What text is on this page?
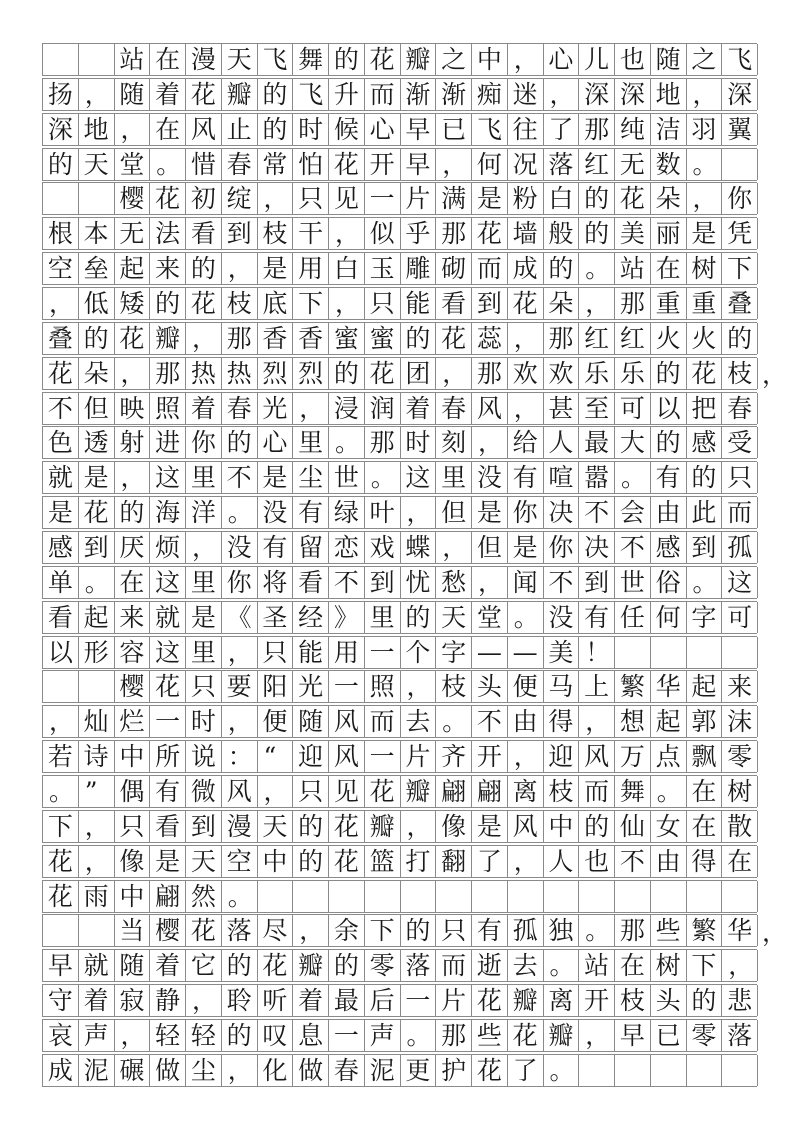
站 在 漫 天 飞 舞 的 花 瓣 之 中 ， 心 儿 也 随 之 飞
扬 ， 随 着 花 瓣 的 飞 升 而 渐 渐 痴 迷 ， 深 深 地 ， 深
深 地 ， 在 风 止 的 时 候 心 早 已 飞 往 了 那 纯 洁 羽 翼
的 天 堂 。 惜 春 常 怕 花 开 早 ， 何 况 落 红 无 数 。
樱 花 初 绽 ， 只 见 一 片 满 是 粉 白 的 花 朵 ， 你
根 本 无 法 看 到 枝 干 ， 似 乎 那 花 墙 般 的 美 丽 是 凭
空 垒 起 来 的 ， 是 用 白 玉 雕 砌 而 成 的 。 站 在 树 下
， 低 矮 的 花 枝 底 下 ， 只 能 看 到 花 朵 ， 那 重 重 叠
叠 的 花 瓣 ， 那 香 香 蜜 蜜 的 花 蕊 ， 那 红 红 火 火 的
花 朵 ， 那 热 热 烈 烈 的 花 团 ， 那 欢 欢 乐 乐 的 花 枝 ，
不 但 映 照 着 春 光 ， 浸 润 着 春 风 ， 甚 至 可 以 把 春
色 透 射 进 你 的 心 里 。 那 时 刻 ， 给 人 最 大 的 感 受
就 是 ， 这 里 不 是 尘 世 。 这 里 没 有 喧 嚣 。 有 的 只
是 花 的 海 洋 。 没 有 绿 叶 ， 但 是 你 决 不 会 由 此 而
感 到 厌 烦 ， 没 有 留 恋 戏 蝶 ， 但 是 你 决 不 感 到 孤
单 。 在 这 里 你 将 看 不 到 忧 愁 ， 闻 不 到 世 俗 。 这
看 起 来 就 是 《 圣 经 》 里 的 天 堂 。 没 有 任 何 字 可
以 形 容 这 里 ， 只 能 用 一 个 字 — — 美 ！
樱 花 只 要 阳 光 一 照 ， 枝 头 便 马 上 繁 华 起 来
， 灿 烂 一 时 ， 便 随 风 而 去 。 不 由 得 ， 想 起 郭 沫
若 诗 中 所 说 ： “ 迎 风 一 片 齐 开 ， 迎 风 万 点 飘 零
。 ” 偶 有 微 风 ， 只 见 花 瓣 翩 翩 离 枝 而 舞 。 在 树
下 ， 只 看 到 漫 天 的 花 瓣 ， 像 是 风 中 的 仙 女 在 散
花 ， 像 是 天 空 中 的 花 篮 打 翻 了 ， 人 也 不 由 得 在
花 雨 中 翩 然 。
当 樱 花 落 尽 ， 余 下 的 只 有 孤 独 。 那 些 繁 华 ，
早 就 随 着 它 的 花 瓣 的 零 落 而 逝 去 。 站 在 树 下 ，
守 着 寂 静 ， 聆 听 着 最 后 一 片 花 瓣 离 开 枝 头 的 悲
哀 声 ， 轻 轻 的 叹 息 一 声 。 那 些 花 瓣 ， 早 已 零 落
成 泥 碾 做 尘 ， 化 做 春 泥 更 护 花 了 。
